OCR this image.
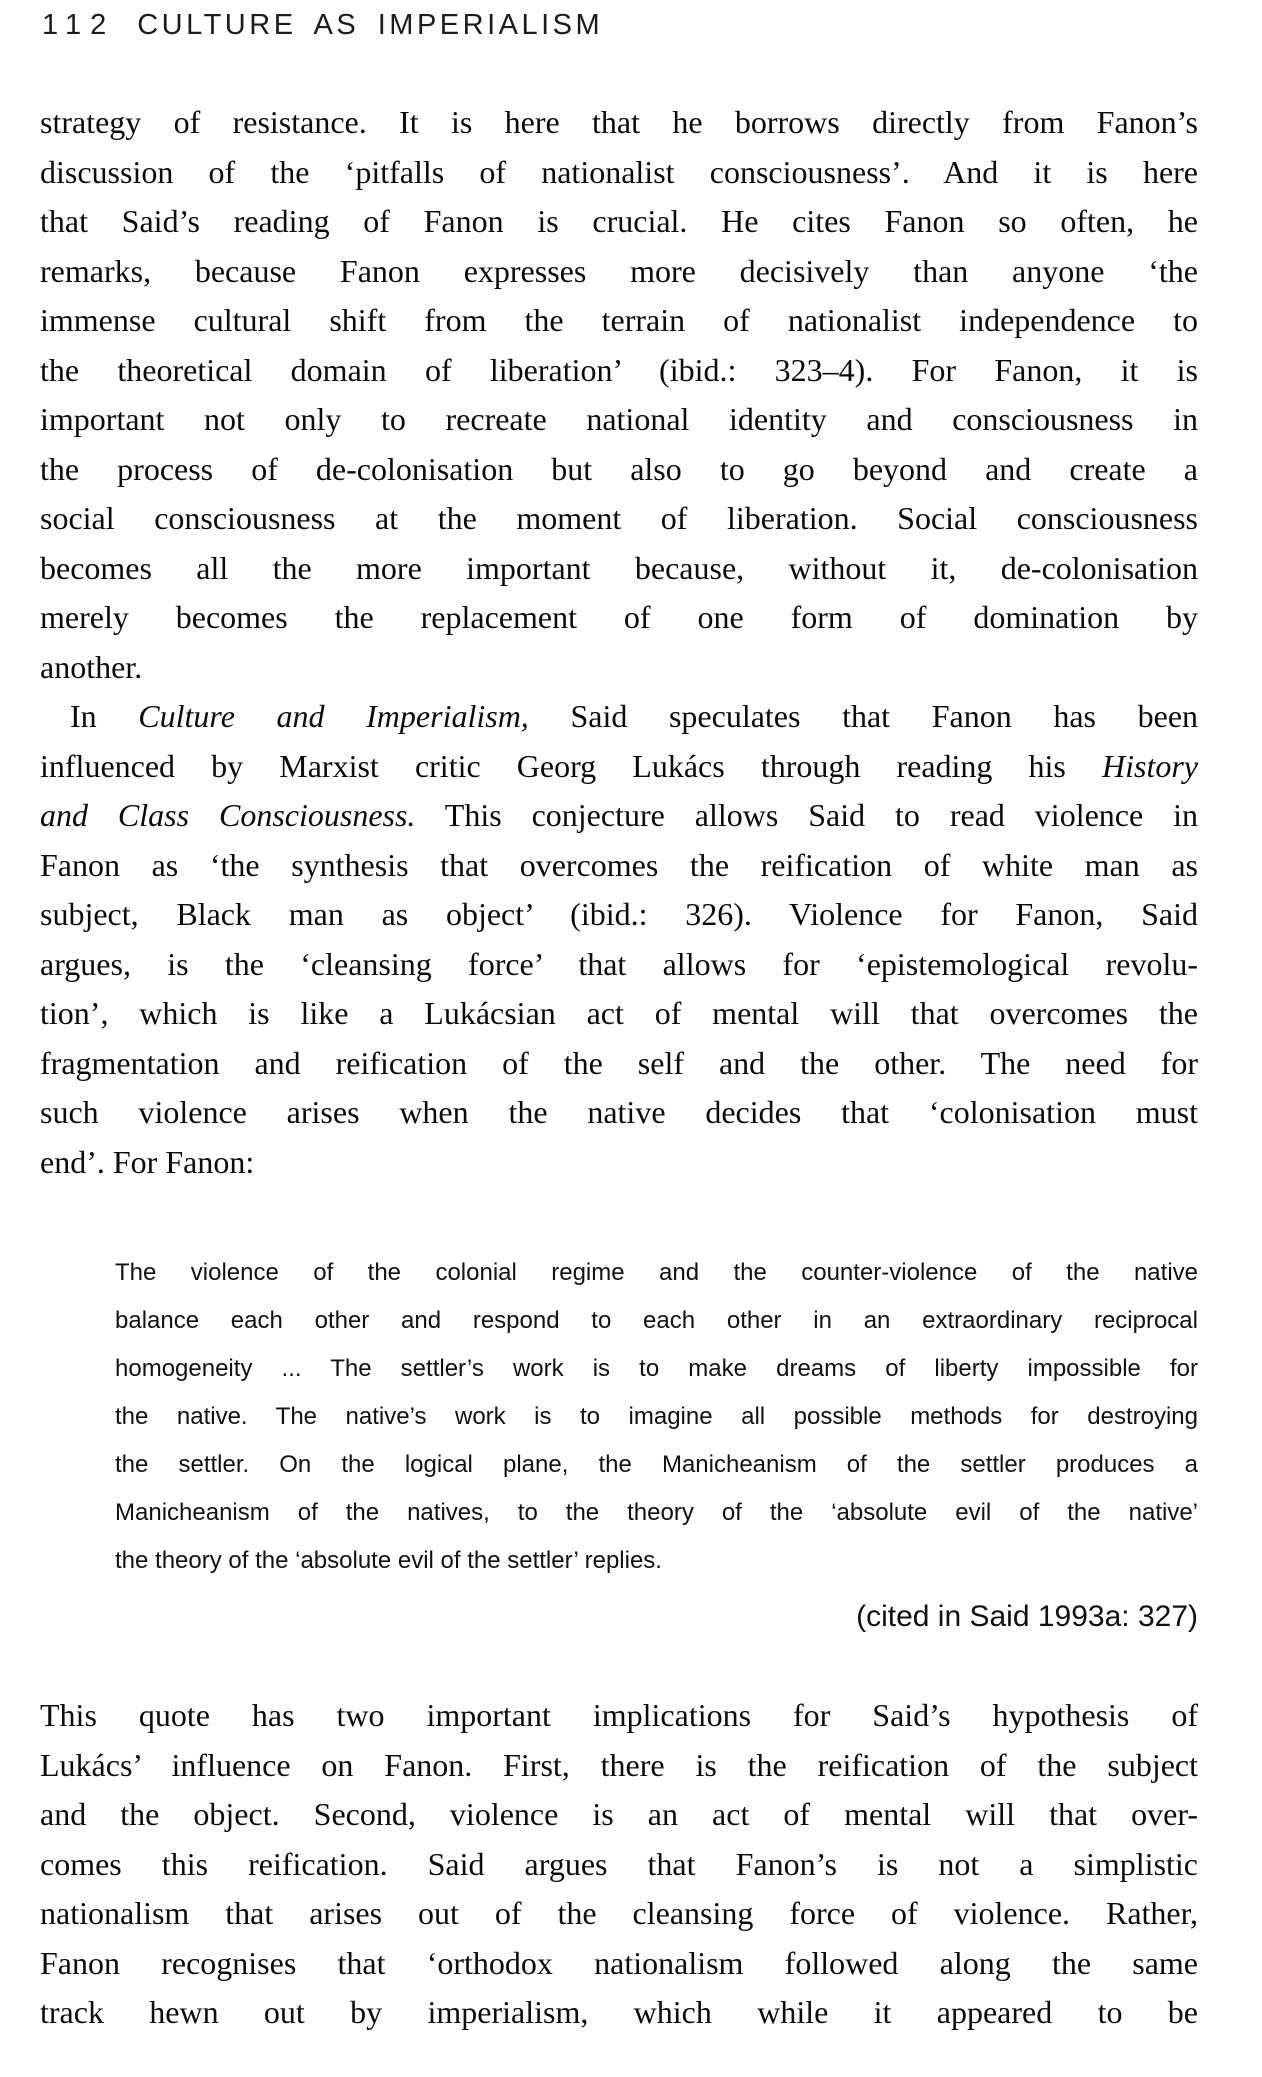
112 CULTURE AS IMPERIALISM
strategy of resistance. It is here that he borrows directly from Fanon’s
discussion of the ‘pitfalls of nationalist consciousness’. And it is here
that Said’s reading of Fanon is crucial. He cites Fanon so often, he
remarks, because Fanon expresses more decisively than anyone ‘the
immense cultural shift from the terrain of nationalist independence to
the theoretical domain of liberation’ (ibid.: 323–4). For Fanon, it is
important not only to recreate national identity and consciousness in
the process of de-colonisation but also to go beyond and create a
social consciousness at the moment of liberation. Social consciousness
becomes all the more important because, without it, de-colonisation
merely becomes the replacement of one form of domination by
another.
In Culture and Imperialism, Said speculates that Fanon has been
influenced by Marxist critic Georg Lukács through reading his History
and Class Consciousness. This conjecture allows Said to read violence in
Fanon as ‘the synthesis that overcomes the reification of white man as
subject, Black man as object’ (ibid.: 326). Violence for Fanon, Said
argues, is the ‘cleansing force’ that allows for ‘epistemological revolu-
tion’, which is like a Lukácsian act of mental will that overcomes the
fragmentation and reification of the self and the other. The need for
such violence arises when the native decides that ‘colonisation must
end’. For Fanon:
The violence of the colonial regime and the counter-violence of the native
balance each other and respond to each other in an extraordinary reciprocal
homogeneity ... The settler’s work is to make dreams of liberty impossible for
the native. The native’s work is to imagine all possible methods for destroying
the settler. On the logical plane, the Manicheanism of the settler produces a
Manicheanism of the natives, to the theory of the ‘absolute evil of the native’
the theory of the ‘absolute evil of the settler’ replies.
(cited in Said 1993a: 327)
This quote has two important implications for Said’s hypothesis of
Lukács’ influence on Fanon. First, there is the reification of the subject
and the object. Second, violence is an act of mental will that over-
comes this reification. Said argues that Fanon’s is not a simplistic
nationalism that arises out of the cleansing force of violence. Rather,
Fanon recognises that ‘orthodox nationalism followed along the same
track hewn out by imperialism, which while it appeared to be
